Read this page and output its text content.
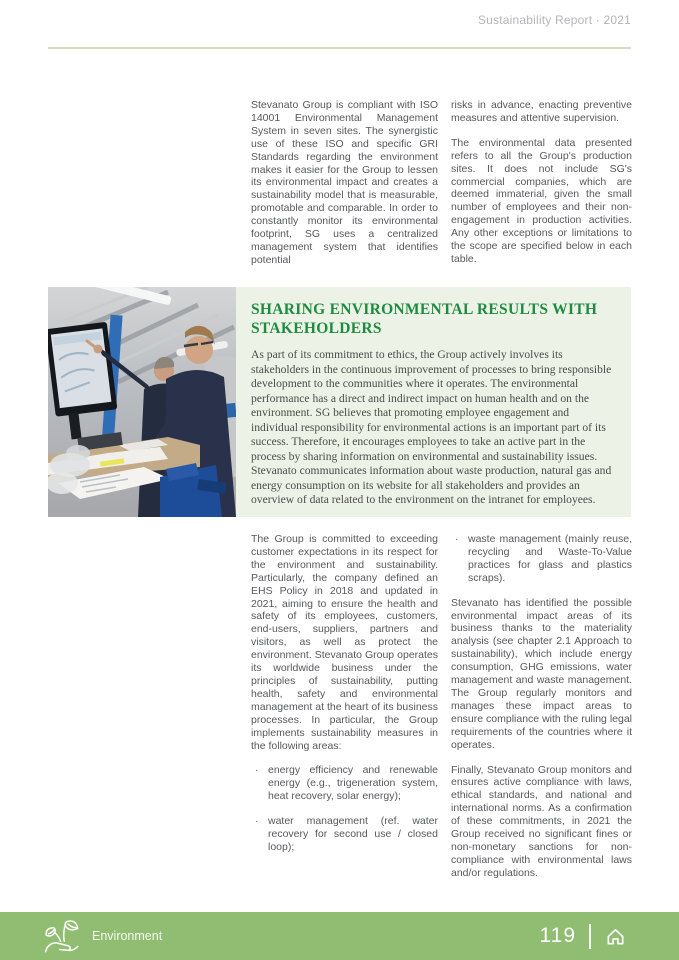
Sustainability Report · 2021

Stevanato Group is compliant with ISO 14001 Environmental Management System in seven sites. The synergistic use of these ISO and specific GRI Standards regarding the environment makes it easier for the Group to lessen its environmental impact and creates a sustainability model that is measurable, promotable and comparable. In order to constantly monitor its environmental footprint, SG uses a centralized management system that identifies potential

risks in advance, enacting preventive measures and attentive supervision.

The environmental data presented refers to all the Group's production sites. It does not include SG's commercial companies, which are deemed immaterial, given the small number of employees and their non-engagement in production activities. Any other exceptions or limitations to the scope are specified below in each table.

SHARING ENVIRONMENTAL RESULTS WITH STAKEHOLDERS

As part of its commitment to ethics, the Group actively involves its stakeholders in the continuous improvement of processes to bring responsible development to the communities where it operates. The environmental performance has a direct and indirect impact on human health and on the environment. SG believes that promoting employee engagement and individual responsibility for environmental actions is an important part of its success. Therefore, it encourages employees to take an active part in the process by sharing information on environmental and sustainability issues. Stevanato communicates information about waste production, natural gas and energy consumption on its website for all stakeholders and provides an overview of data related to the environment on the intranet for employees.

The Group is committed to exceeding customer expectations in its respect for the environment and sustainability. Particularly, the company defined an EHS Policy in 2018 and updated in 2021, aiming to ensure the health and safety of its employees, customers, end-users, suppliers, partners and visitors, as well as protect the environment. Stevanato Group operates its worldwide business under the principles of sustainability, putting health, safety and environmental management at the heart of its business processes. In particular, the Group implements sustainability measures in the following areas:

· energy efficiency and renewable energy (e.g., trigeneration system, heat recovery, solar energy);
· water management (ref. water recovery for second use / closed loop);
· waste management (mainly reuse, recycling and Waste-To-Value practices for glass and plastics scraps).

Stevanato has identified the possible environmental impact areas of its business thanks to the materiality analysis (see chapter 2.1 Approach to sustainability), which include energy consumption, GHG emissions, water management and waste management. The Group regularly monitors and manages these impact areas to ensure compliance with the ruling legal requirements of the countries where it operates.

Finally, Stevanato Group monitors and ensures active compliance with laws, ethical standards, and national and international norms. As a confirmation of these commitments, in 2021 the Group received no significant fines or non-monetary sanctions for non-compliance with environmental laws and/or regulations.

Environment	119
